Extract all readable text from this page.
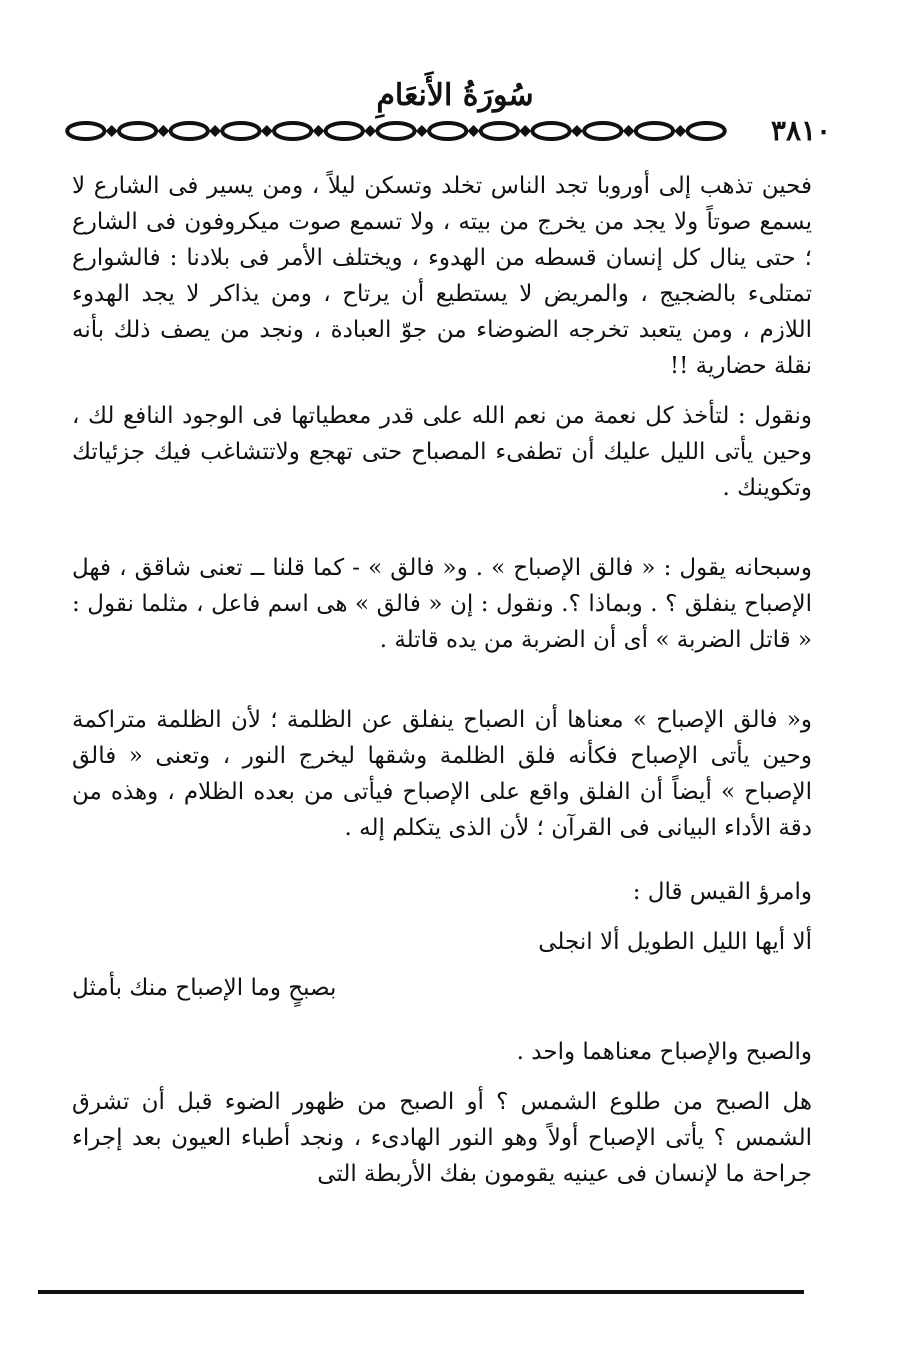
سُورَةُ الأَنعَامِ
٣٨١٠

فحين تذهب إلى أوروبا تجد الناس تخلد وتسكن ليلاً ، ومن يسير فى الشارع لا يسمع صوتاً ولا يجد من يخرج من بيته ، ولا تسمع صوت ميكروفون فى الشارع ؛ حتى ينال كل إنسان قسطه من الهدوء ، ويختلف الأمر فى بلادنا : فالشوارع تمتلىء بالضجيج ، والمريض لا يستطيع أن يرتاح ، ومن يذاكر لا يجد الهدوء اللازم ، ومن يتعبد تخرجه الضوضاء من جوّ العبادة ، ونجد من يصف ذلك بأنه نقلة حضارية !!

ونقول : لتأخذ كل نعمة من نعم الله على قدر معطياتها فى الوجود النافع لك ، وحين يأتى الليل عليك أن تطفىء المصباح حتى تهجع ولاتتشاغب فيك جزئياتك وتكوينك .

وسبحانه يقول : « فالق الإصباح » . و« فالق » - كما قلنا ــ تعنى شاقق ، فهل الإصباح ينفلق ؟ . وبماذا ؟. ونقول : إن « فالق » هى اسم فاعل ، مثلما نقول : « قاتل الضربة » أى أن الضربة من يده قاتلة .

و« فالق الإصباح » معناها أن الصباح ينفلق عن الظلمة ؛ لأن الظلمة متراكمة وحين يأتى الإصباح فكأنه فلق الظلمة وشقها ليخرج النور ، وتعنى « فالق الإصباح » أيضاً أن الفلق واقع على الإصباح فيأتى من بعده الظلام ، وهذه من دقة الأداء البيانى فى القرآن ؛ لأن الذى يتكلم إله .

وامرؤ القيس قال :

ألا أيها الليل الطويل ألا انجلى

بصبحٍ وما الإصباح منك بأمثل

والصبح والإصباح معناهما واحد .

هل الصبح من طلوع الشمس ؟ أو الصبح من ظهور الضوء قبل أن تشرق الشمس ؟ يأتى الإصباح أولاً وهو النور الهادىء ، ونجد أطباء العيون بعد إجراء جراحة ما لإنسان فى عينيه يقومون بفك الأربطة التى
